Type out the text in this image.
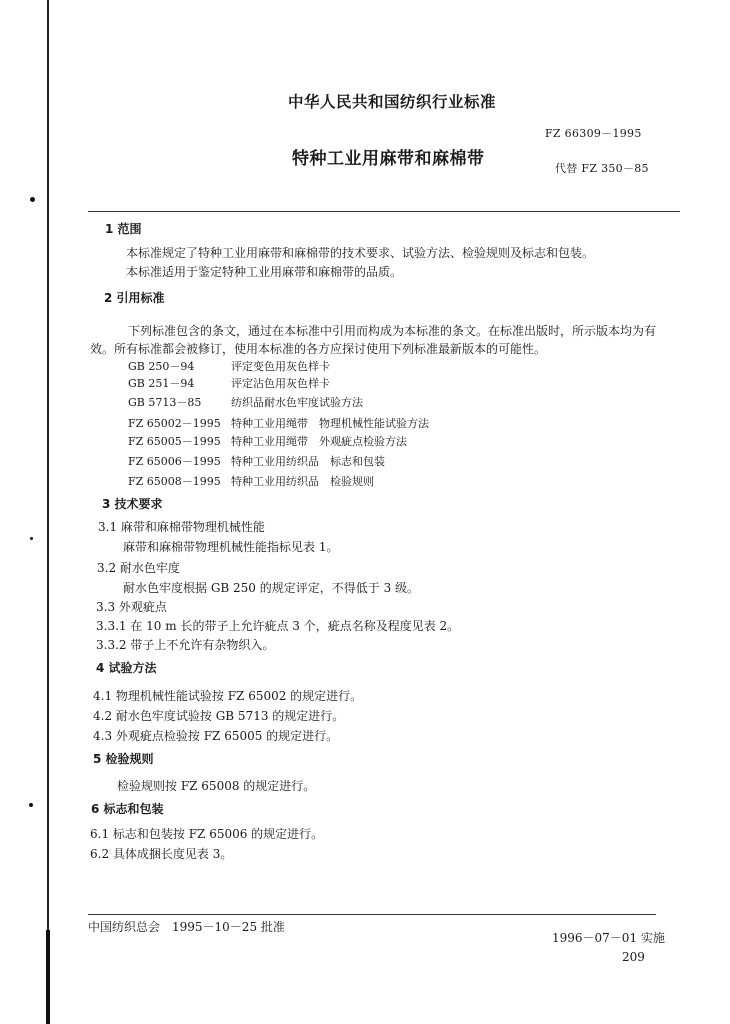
中华人民共和国纺织行业标准
FZ 66309－1995
特种工业用麻带和麻棉带	代替 FZ 350－85
1 范围
本标准规定了特种工业用麻带和麻棉带的技术要求、试验方法、检验规则及标志和包装。
本标准适用于鉴定特种工业用麻带和麻棉带的品质。
2 引用标准
下列标准包含的条文，通过在本标准中引用而构成为本标准的条文。在标准出版时，所示版本均为有
效。所有标准都会被修订，使用本标准的各方应探讨使用下列标准最新版本的可能性。
GB 250－94	评定变色用灰色样卡
GB 251－94	评定沾色用灰色样卡
GB 5713－85	纺织品耐水色牢度试验方法
FZ 65002－1995 特种工业用绳带　物理机械性能试验方法
FZ 65005－1995 特种工业用绳带　外观疵点检验方法
FZ 65006－1995 特种工业用纺织品　标志和包装
FZ 65008－1995 特种工业用纺织品　检验规则
3 技术要求
3.1 麻带和麻棉带物理机械性能
麻带和麻棉带物理机械性能指标见表 1。
3.2 耐水色牢度
耐水色牢度根据 GB 250 的规定评定，不得低于 3 级。
3.3 外观疵点
3.3.1 在 10 m 长的带子上允许疵点 3 个，疵点名称及程度见表 2。
3.3.2 带子上不允许有杂物织入。
4 试验方法
4.1 物理机械性能试验按 FZ 65002 的规定进行。
4.2 耐水色牢度试验按 GB 5713 的规定进行。
4.3 外观疵点检验按 FZ 65005 的规定进行。
5 检验规则
检验规则按 FZ 65008 的规定进行。
6 标志和包装
6.1 标志和包装按 FZ 65006 的规定进行。
6.2 具体成捆长度见表 3。
中国纺织总会　1995－10－25 批准
1996－07－01 实施
209
